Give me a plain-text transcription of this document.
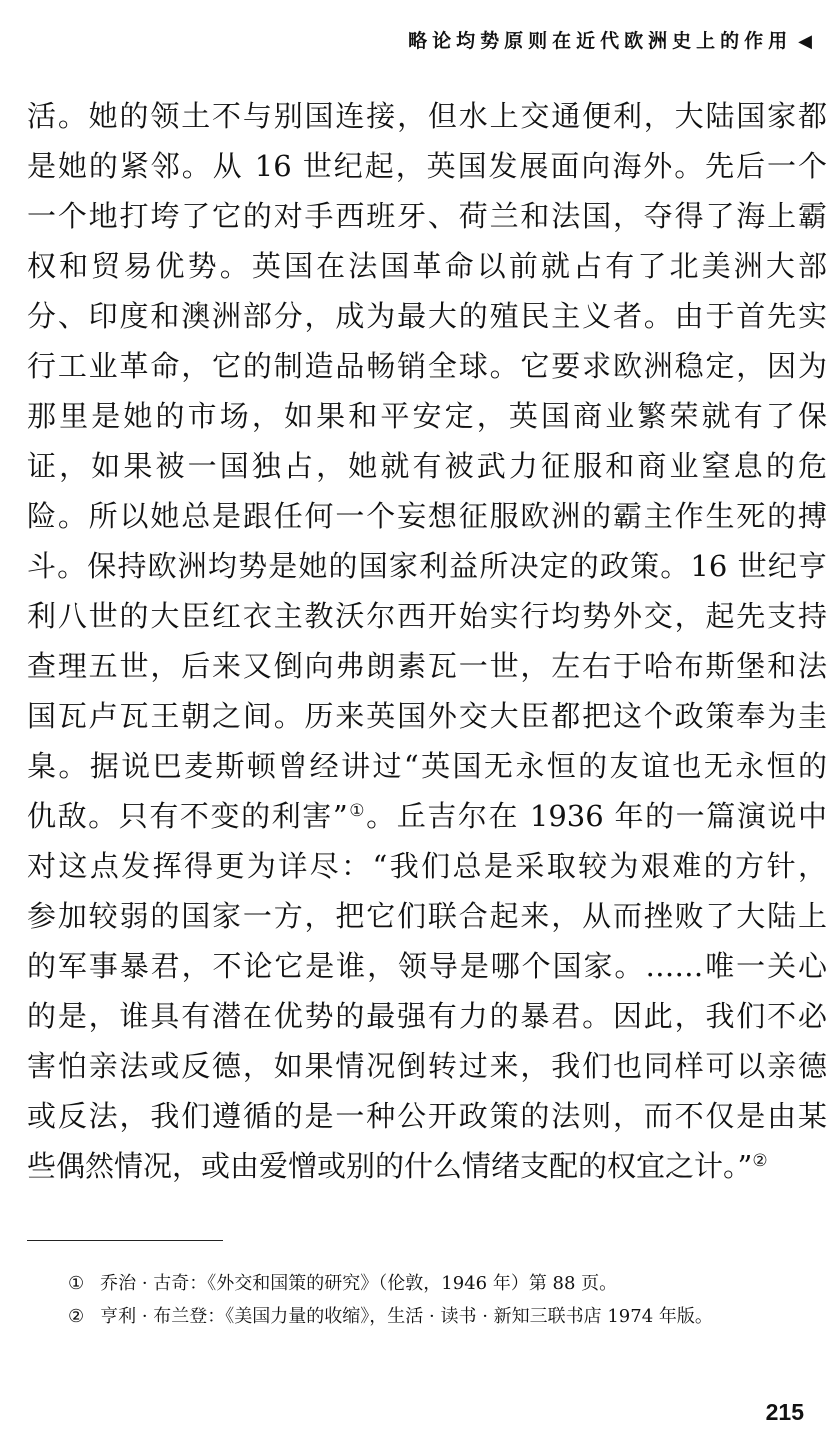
略论均势原则在近代欧洲史上的作用 ◀
活。她的领土不与别国连接，但水上交通便利，大陆国家都
是她的紧邻。从 16 世纪起，英国发展面向海外。先后一个
一个地打垮了它的对手西班牙、荷兰和法国，夺得了海上霸
权和贸易优势。英国在法国革命以前就占有了北美洲大部
分、印度和澳洲部分，成为最大的殖民主义者。由于首先实
行工业革命，它的制造品畅销全球。它要求欧洲稳定，因为
那里是她的市场，如果和平安定，英国商业繁荣就有了保
证，如果被一国独占，她就有被武力征服和商业窒息的危
险。所以她总是跟任何一个妄想征服欧洲的霸主作生死的搏
斗。保持欧洲均势是她的国家利益所决定的政策。16 世纪亨
利八世的大臣红衣主教沃尔西开始实行均势外交，起先支持
查理五世，后来又倒向弗朗素瓦一世，左右于哈布斯堡和法
国瓦卢瓦王朝之间。历来英国外交大臣都把这个政策奉为圭
臬。据说巴麦斯顿曾经讲过“英国无永恒的友谊也无永恒的
仇敌。只有不变的利害”①。丘吉尔在 1936 年的一篇演说中
对这点发挥得更为详尽：“我们总是采取较为艰难的方针，
参加较弱的国家一方，把它们联合起来，从而挫败了大陆上
的军事暴君，不论它是谁，领导是哪个国家。……唯一关心
的是，谁具有潜在优势的最强有力的暴君。因此，我们不必
害怕亲法或反德，如果情况倒转过来，我们也同样可以亲德
或反法，我们遵循的是一种公开政策的法则，而不仅是由某
些偶然情况，或由爱憎或别的什么情绪支配的权宜之计。”②
① 乔治 · 古奇：《外交和国策的研究》（伦敦，1946 年）第 88 页。
② 亨利 · 布兰登：《美国力量的收缩》，生活 · 读书 · 新知三联书店 1974 年版。
215
